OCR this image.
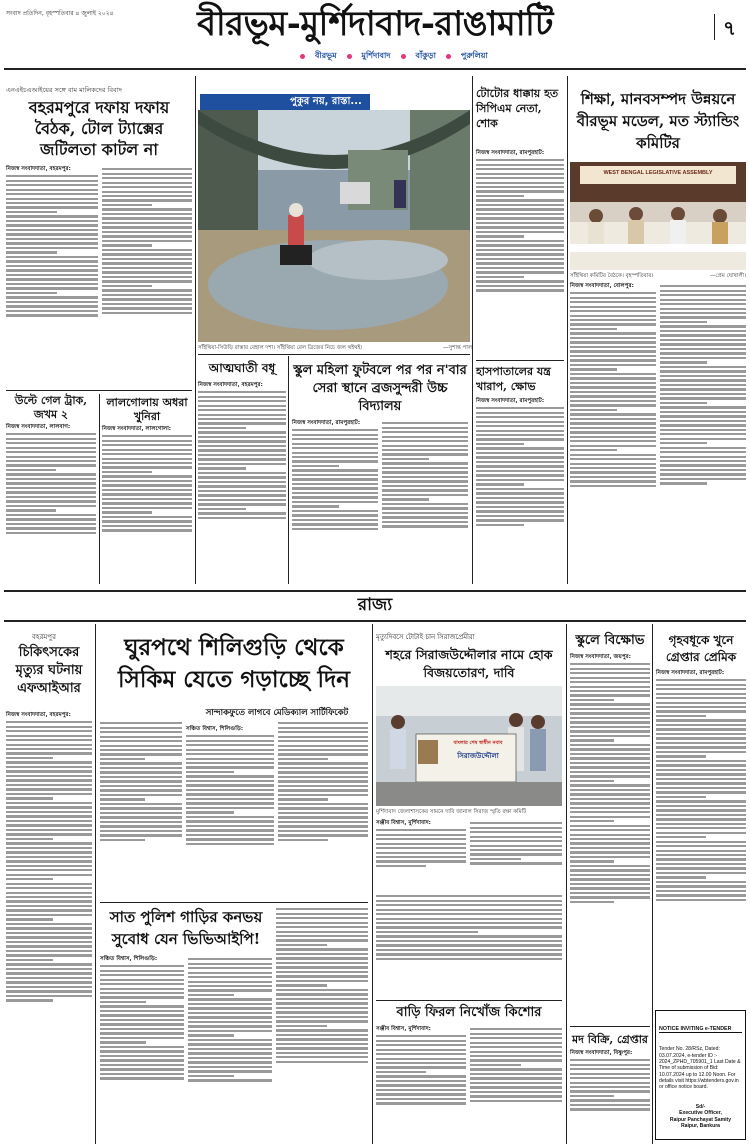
সংবাদ প্রতিদিন, বৃহস্পতিবার ৪ জুলাই ২০২৪	বীরভূম-মুর্শিদাবাদ-রাঙামাটি	৭
বীরভূম	মুর্শিদাবাদ	বাঁকুড়া	পুরুলিয়া
এনএইচএআইয়ের সঙ্গে বাম মালিকদের বিবাদ
বহরমপুরে দফায় দফায় বৈঠক, টোল ট্যাক্সের জটিলতা কাটল না
নিজস্ব সংবাদদাতা, বহরমপুর:
উল্টে গেল ট্রাক, জখম ২
নিজস্ব সংবাদদাতা, লালবাগ:
লালগোলায় অধরা খুনিরা
নিজস্ব সংবাদদাতা, লালগোলা:
পুকুর নয়, রাস্তা...
সাঁইথিয়া-সিউড়ি রাস্তার বেহাল দশা। সাঁইথিয়া রেল ব্রিজের নিচে জল থইথই।	—সুশান্ত পাল
আত্মঘাতী বধূ
নিজস্ব সংবাদদাতা, বহরমপুর:
স্কুল মহিলা ফুটবলে পর পর ন'বার সেরা স্থানে ব্রজসুন্দরী উচ্চ বিদ্যালয়
নিজস্ব সংবাদদাতা, রামপুরহাট:
টোটোর ধাক্কায় হত সিপিএম নেতা, শোক
নিজস্ব সংবাদদাতা, রামপুরহাট:
হাসপাতালের যন্ত্র খারাপ, ক্ষোভ
নিজস্ব সংবাদদাতা, রামপুরহাট:
শিক্ষা, মানবসম্পদ উন্নয়নে বীরভূম মডেল, মত স্ট্যান্ডিং কমিটির
WEST BENGAL LEGISLATIVE ASSEMBLY
সাঁইথিয়া কমিটির বৈঠকে। বৃহস্পতিবার।	—প্রেম ঘোষালী।
নিজস্ব সংবাদদাতা, বোলপুর:
রাজ্য
বহরমপুর
চিকিৎসকের মৃত্যুর ঘটনায় এফআইআর
নিজস্ব সংবাদদাতা, বহরমপুর:
ঘুরপথে শিলিগুড়ি থেকে সিকিম যেতে গড়াচ্ছে দিন
সান্দাকফুতে লাগবে মেডিক্যাল সার্টিফিকেট
সঞ্চিত বিশ্বাস, শিলিগুড়ি:
সাত পুলিশ গাড়ির কনভয় সুবোধ যেন ভিভিআইপি!
সঞ্চিত বিশ্বাস, শিলিগুড়ি:
মৃত্যুদিবসে টোটাই চান সিরাজপ্রেমীরা
শহরে সিরাজউদ্দৌলার নামে হোক বিজয়তোরণ, দাবি
বাংলার শেষ স্বাধীন নবাব
সিরাজউদ্দৌলা
মুর্শিদাবাদ জেলাশাসকের সামনে দাবি জানাল সিরাজ স্মৃতি রক্ষা কমিটি
সঞ্জীব বিশ্বাস, মুর্শিদাবাদ:
বাড়ি ফিরল নিখোঁজ কিশোর
সঞ্জীব বিশ্বাস, মুর্শিদাবাদ:
স্কুলে বিক্ষোভ
নিজস্ব সংবাদদাতা, জয়পুর:
মদ বিক্রি, গ্রেপ্তার
নিজস্ব সংবাদদাতা, বিষ্ণুপুর:
গৃহবধূকে খুনে গ্রেপ্তার প্রেমিক
নিজস্ব সংবাদদাতা, রামপুরহাট:

NOTICE INVITING e-TENDER

Tender No. 28/RSz, Dated: 03.07.2024, e-tender ID :- 2024_ZPHD_705901_1 Last Date & Time of submission of Bid: 10.07.2024 up to 12.00 Noon. For details visit https://wbtenders.gov.in or office notice board.

Sd/-
Executive Officer,
Raipur Panchayat Samity
Raipur, Bankura
